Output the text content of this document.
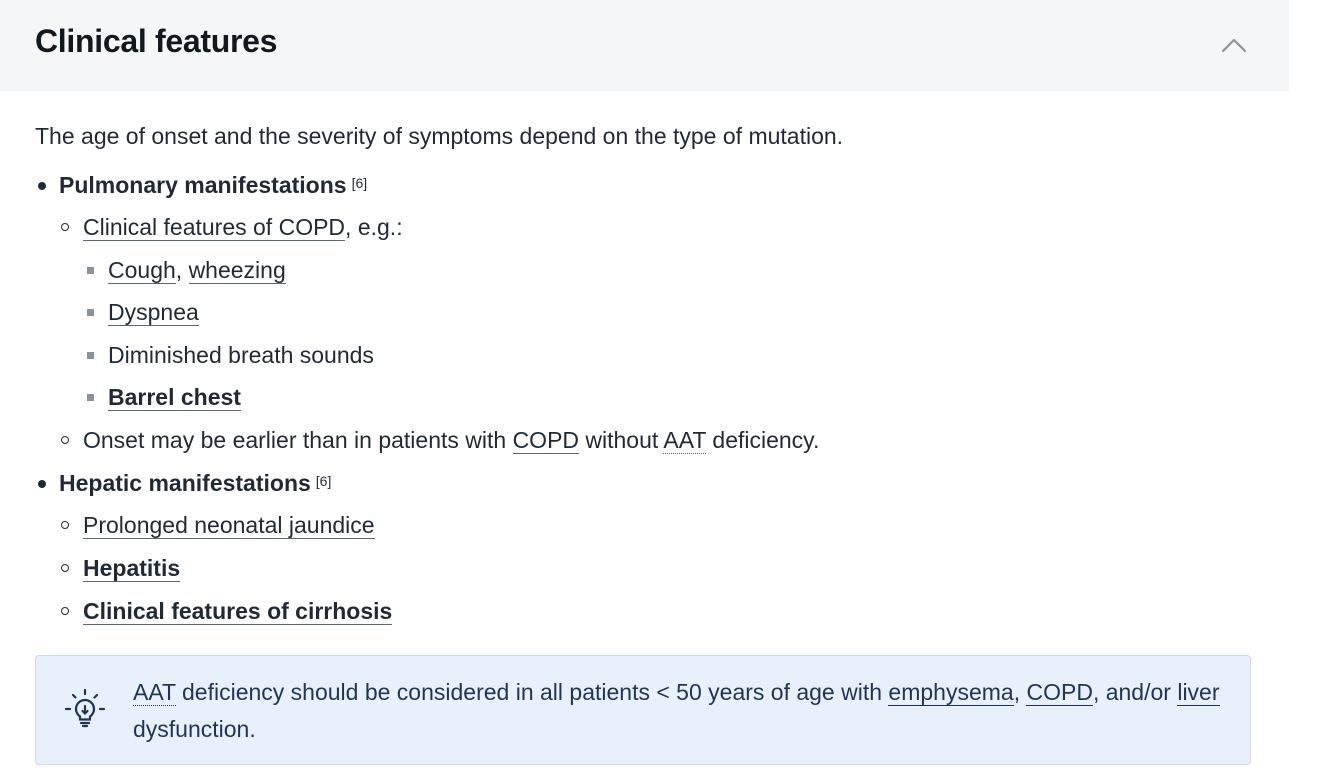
Clinical features

The age of onset and the severity of symptoms depend on the type of mutation.

Pulmonary manifestations [6]
Clinical features of COPD, e.g.:
Cough, wheezing
Dyspnea
Diminished breath sounds
Barrel chest
Onset may be earlier than in patients with COPD without AAT deficiency.
Hepatic manifestations [6]
Prolonged neonatal jaundice
Hepatitis
Clinical features of cirrhosis

AAT deficiency should be considered in all patients < 50 years of age with emphysema, COPD, and/or liver dysfunction.
